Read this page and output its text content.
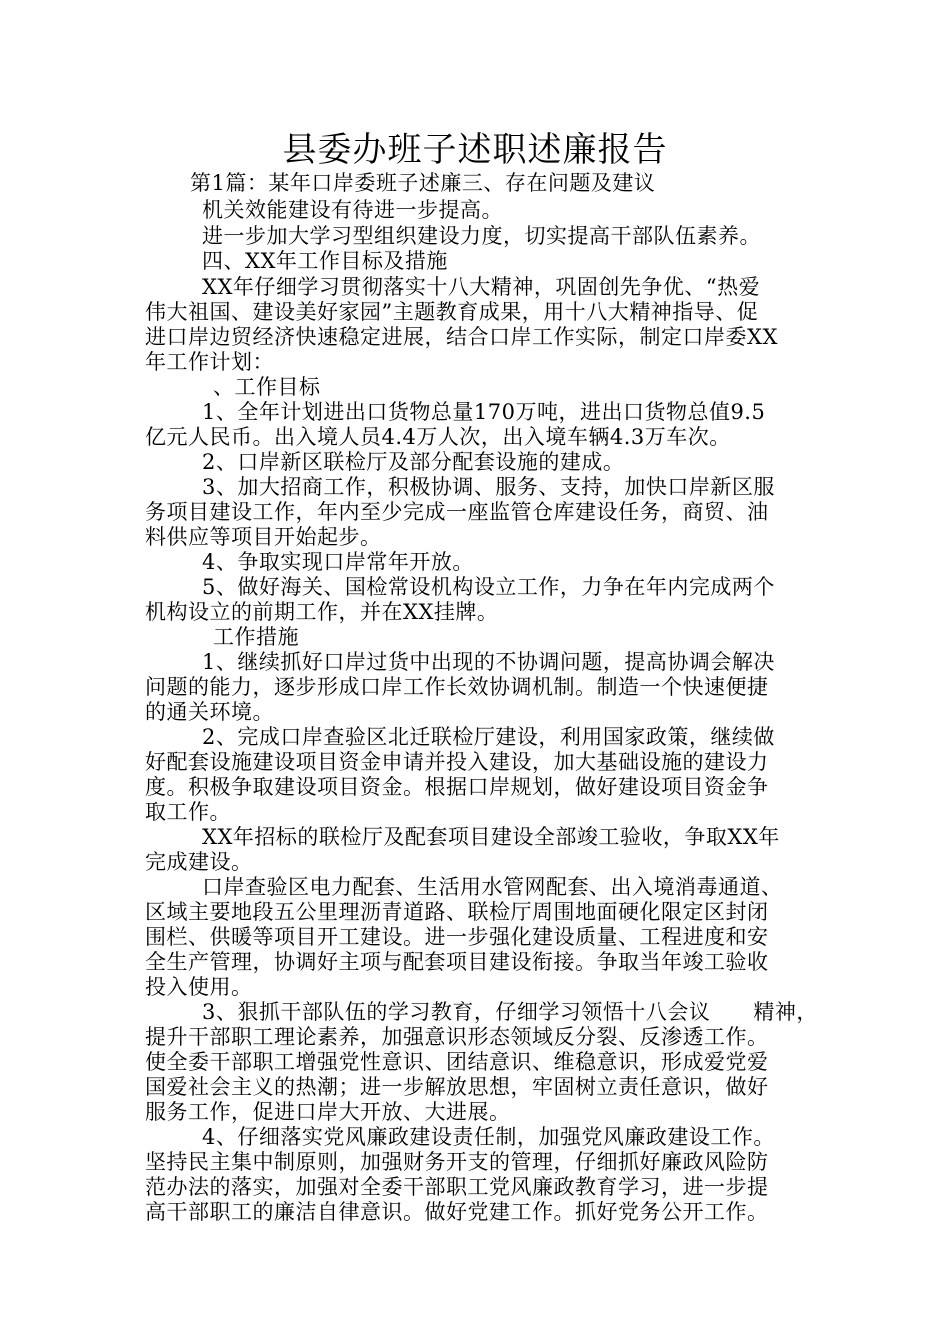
县委办班子述职述廉报告
第1篇：某年口岸委班子述廉三、存在问题及建议
机关效能建设有待进一步提高。
进一步加大学习型组织建设力度，切实提高干部队伍素养。
四、XX年工作目标及措施
XX年仔细学习贯彻落实十八大精神，巩固创先争优、“热爱
伟大祖国、建设美好家园”主题教育成果，用十八大精神指导、促
进口岸边贸经济快速稳定进展，结合口岸工作实际，制定口岸委XX
年工作计划：
、工作目标
1、全年计划进出口货物总量170万吨，进出口货物总值9.5
亿元人民币。出入境人员4.4万人次，出入境车辆4.3万车次。
2、口岸新区联检厅及部分配套设施的建成。
3、加大招商工作，积极协调、服务、支持，加快口岸新区服
务项目建设工作，年内至少完成一座监管仓库建设任务，商贸、油
料供应等项目开始起步。
4、争取实现口岸常年开放。
5、做好海关、国检常设机构设立工作，力争在年内完成两个
机构设立的前期工作，并在XX挂牌。
工作措施
1、继续抓好口岸过货中出现的不协调问题，提高协调会解决
问题的能力，逐步形成口岸工作长效协调机制。制造一个快速便捷
的通关环境。
2、完成口岸查验区北迁联检厅建设，利用国家政策，继续做
好配套设施建设项目资金申请并投入建设，加大基础设施的建设力
度。积极争取建设项目资金。根据口岸规划，做好建设项目资金争
取工作。
XX年招标的联检厅及配套项目建设全部竣工验收，争取XX年
完成建设。
口岸查验区电力配套、生活用水管网配套、出入境消毒通道、
区域主要地段五公里理沥青道路、联检厅周围地面硬化限定区封闭
围栏、供暖等项目开工建设。进一步强化建设质量、工程进度和安
全生产管理，协调好主项与配套项目建设衔接。争取当年竣工验收
投入使用。
3、狠抓干部队伍的学习教育，仔细学习领悟十八会议　　精神，
提升干部职工理论素养，加强意识形态领域反分裂、反渗透工作。
使全委干部职工增强党性意识、团结意识、维稳意识，形成爱党爱
国爱社会主义的热潮；进一步解放思想，牢固树立责任意识，做好
服务工作，促进口岸大开放、大进展。
4、仔细落实党风廉政建设责任制，加强党风廉政建设工作。
坚持民主集中制原则，加强财务开支的管理，仔细抓好廉政风险防
范办法的落实，加强对全委干部职工党风廉政教育学习，进一步提
高干部职工的廉洁自律意识。做好党建工作。抓好党务公开工作。
